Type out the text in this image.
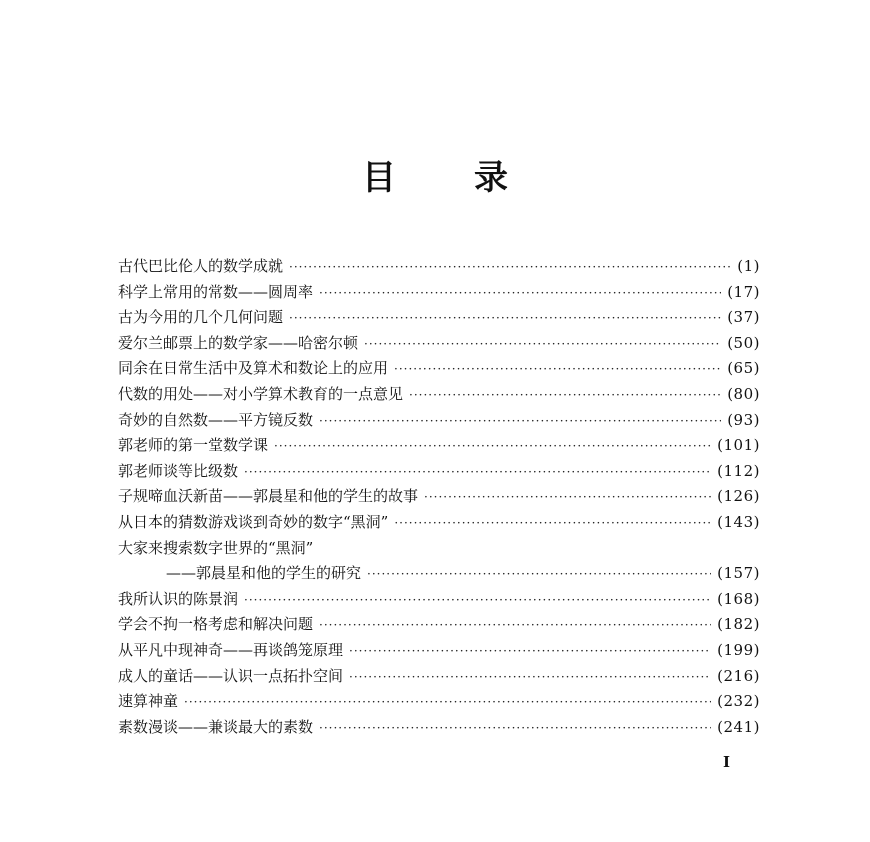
目 录
古代巴比伦人的数学成就 ·····	(1)
科学上常用的常数——圆周率 ·····	(17)
古为今用的几个几何问题 ·····	(37)
爱尔兰邮票上的数学家——哈密尔顿 ·····	(50)
同余在日常生活中及算术和数论上的应用 ·····	(65)
代数的用处——对小学算术教育的一点意见 ·····	(80)
奇妙的自然数——平方镜反数 ·····	(93)
郭老师的第一堂数学课 ·····	(101)
郭老师谈等比级数 ·····	(112)
子规啼血沃新苗——郭晨星和他的学生的故事 ·····	(126)
从日本的猜数游戏谈到奇妙的数字“黑洞” ·····	(143)
大家来搜索数字世界的“黑洞”
——郭晨星和他的学生的研究 ·····	(157)
我所认识的陈景润 ·····	(168)
学会不拘一格考虑和解决问题 ·····	(182)
从平凡中现神奇——再谈鸽笼原理 ·····	(199)
成人的童话——认识一点拓扑空间 ·····	(216)
速算神童 ·····	(232)
素数漫谈——兼谈最大的素数 ·····	(241)
I
